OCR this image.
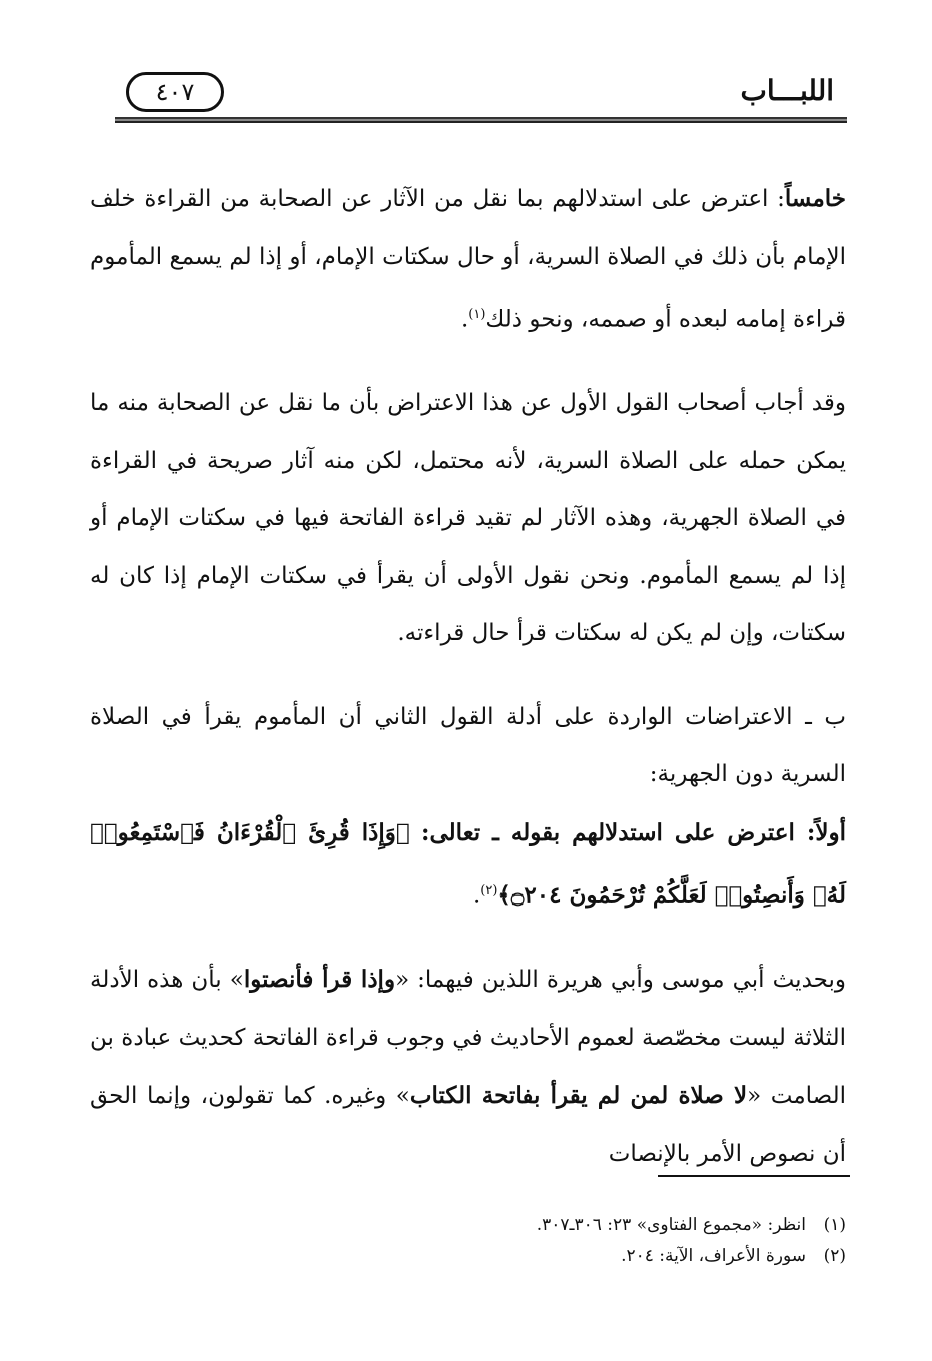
اللبـــاب
٤٠٧

خامساً: اعترض على استدلالهم بما نقل من الآثار عن الصحابة من القراءة خلف الإمام بأن ذلك في الصلاة السرية، أو حال سكتات الإمام، أو إذا لم يسمع المأموم قراءة إمامه لبعده أو صممه، ونحو ذلك$^{(١)}$.

وقد أجاب أصحاب القول الأول عن هذا الاعتراض بأن ما نقل عن الصحابة منه ما يمكن حمله على الصلاة السرية، لأنه محتمل، لكن منه آثار صريحة في القراءة في الصلاة الجهرية، وهذه الآثار لم تقيد قراءة الفاتحة فيها في سكتات الإمام أو إذا لم يسمع المأموم. ونحن نقول الأولى أن يقرأ في سكتات الإمام إذا كان له سكتات، وإن لم يكن له سكتات قرأ حال قراءته.

ب ـ الاعتراضات الواردة على أدلة القول الثاني أن المأموم يقرأ في الصلاة السرية دون الجهرية:

أولاً: اعترض على استدلالهم بقوله ـ تعالى: ﴿وَإِذَا قُرِئَ ٱلْقُرْءَانُ فَٱسْتَمِعُوا۟ لَهُۥ وَأَنصِتُوا۟ لَعَلَّكُمْ تُرْحَمُونَ ۝٢٠٤﴾$^{(٢)}$.

وبحديث أبي موسى وأبي هريرة اللذين فيهما: «وإذا قرأ فأنصتوا» بأن هذه الأدلة الثلاثة ليست مخصّصة لعموم الأحاديث في وجوب قراءة الفاتحة كحديث عبادة بن الصامت «لا صلاة لمن لم يقرأ بفاتحة الكتاب» وغيره. كما تقولون، وإنما الحق أن نصوص الأمر بالإنصات

(١)انظر: «مجموع الفتاوى» ٢٣: ٣٠٦ـ٣٠٧.

(٢)سورة الأعراف، الآية: ٢٠٤.
